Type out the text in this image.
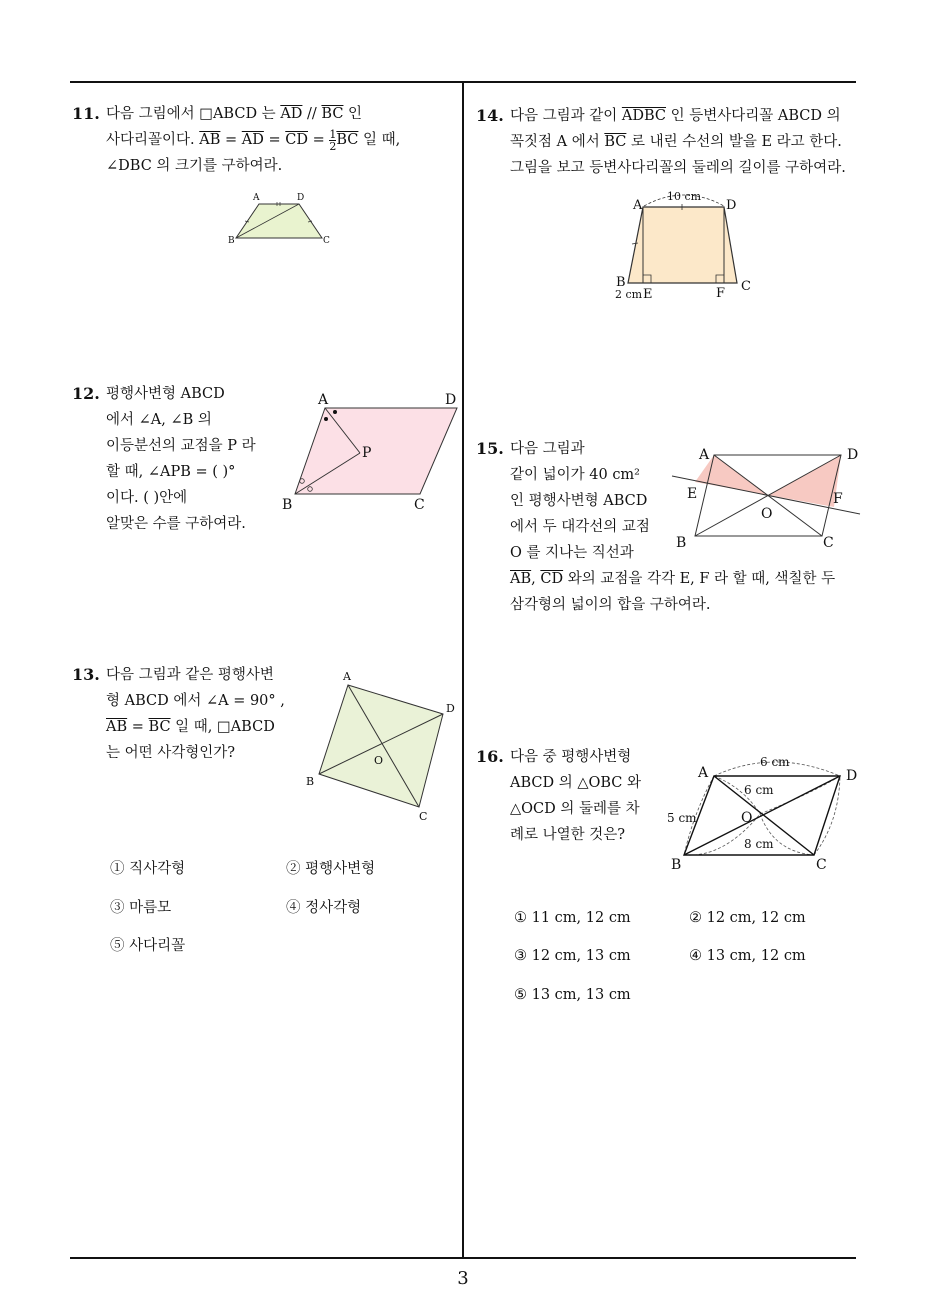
11. 다음 그림에서 □ABCD 는 $\overline{AD} // \overline{BC}$ 인
사다리꼴이다. $\overline{AB} = \overline{AD} = \overline{CD} = \frac{1}{2} \overline{BC}$ 일 때,
∠DBC 의 크기를 구하여라.
A	D
B	C
12. 평행사변형 ABCD
에서 ∠A, ∠B 의
이등분선의 교점을 P 라
할 때, ∠APB = ( )°
이다. ( )안에
알맞은 수를 구하여라.
A	D
B	C
P
13. 다음 그림과 같은 평행사변
형 ABCD 에서 ∠A = 90° ,
$\overline{AB} = \overline{BC}$ 일 때, □ABCD
는 어떤 사각형인가?
A
D
B
C
O
① 직사각형	② 평행사변형
③ 마름모	④ 정사각형
⑤ 사다리꼴
14. 다음 그림과 같이 ADBC 인 등변사다리꼴 ABCD 의
꼭짓점 A 에서 $\overline{BC}$ 로 내린 수선의 발을 E 라고 한다.
그림을 보고 등변사다리꼴의 둘레의 길이를 구하여라.
10 cm
A	D
B	C
2 cm E	F
15. 다음 그림과
같이 넓이가 40 cm²
인 평행사변형 ABCD
에서 두 대각선의 교점
O 를 지나는 직선과
$\overline{AB}$, $\overline{CD}$ 와의 교점을 각각 E, F 라 할 때, 색칠한 두
삼각형의 넓이의 합을 구하여라.
A	D
E	F
O
B	C
16. 다음 중 평행사변형
ABCD 의 △OBC 와
△OCD 의 둘레를 차
례로 나열한 것은?
6 cm
A	D
6 cm
5 cm	O
8 cm
B	C
① 11 cm, 12 cm	② 12 cm, 12 cm
③ 12 cm, 13 cm	④ 13 cm, 12 cm
⑤ 13 cm, 13 cm
3
